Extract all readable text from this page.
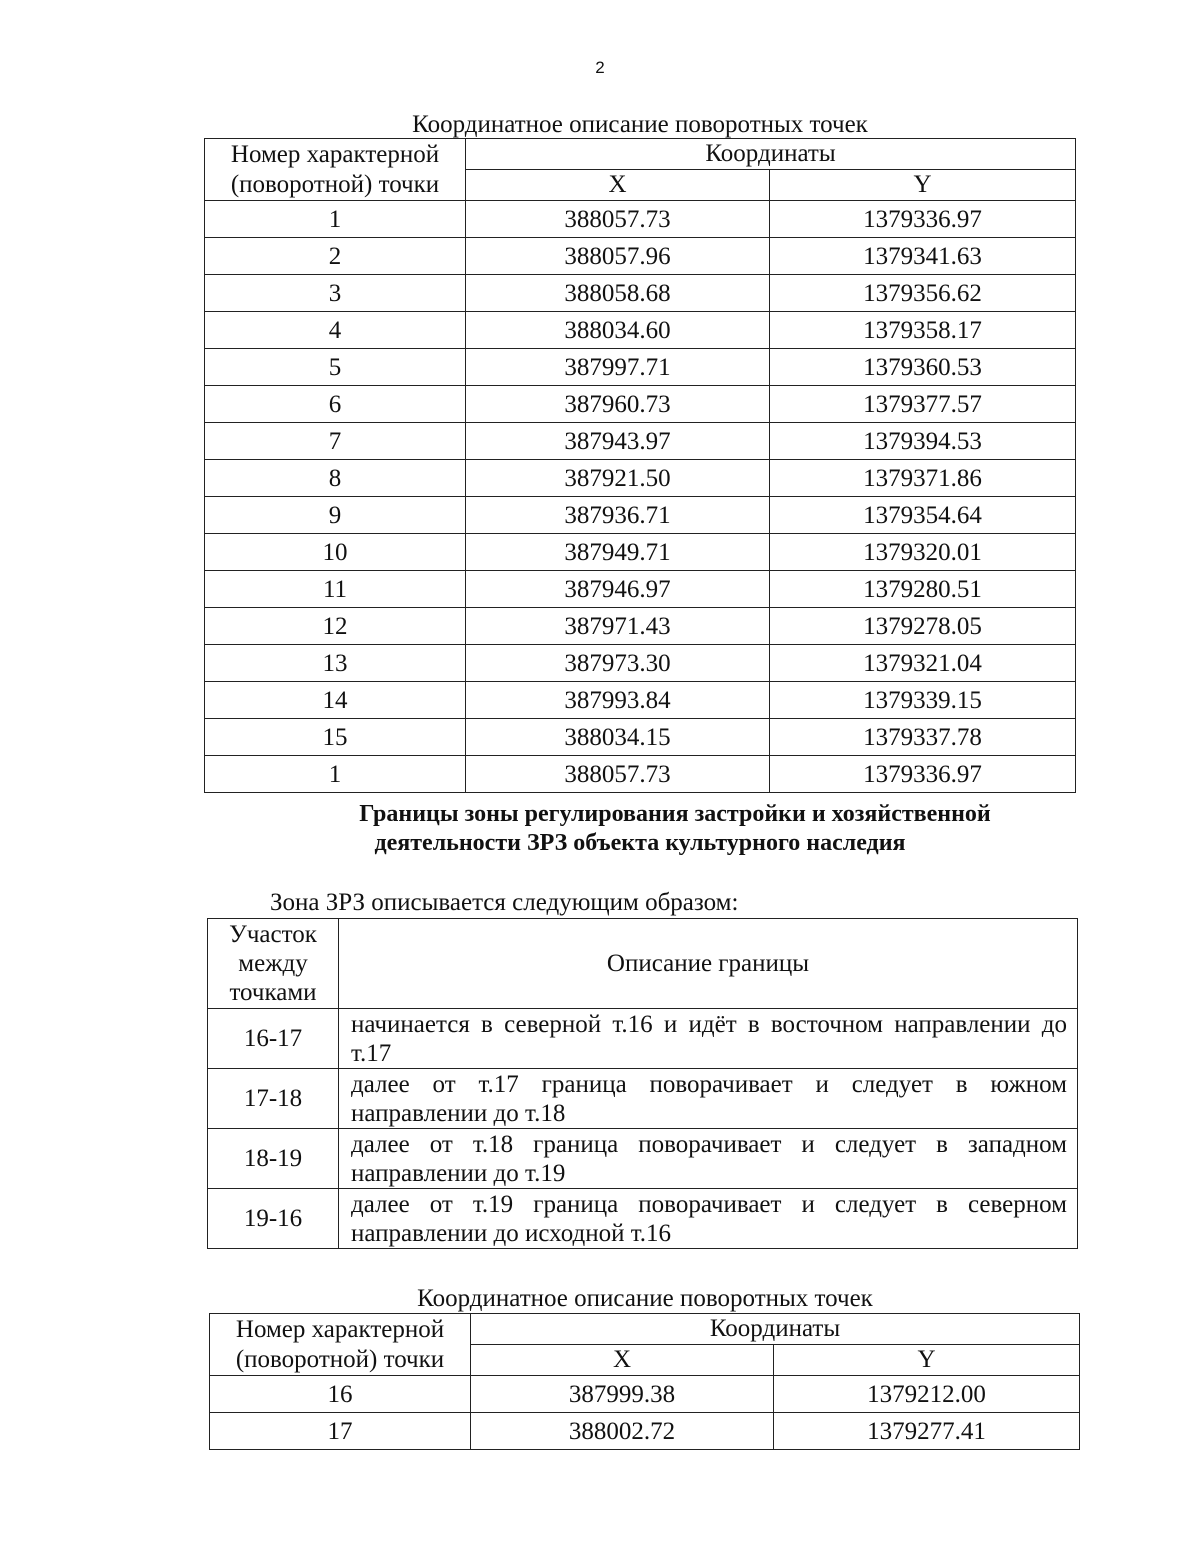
2
Координатное описание поворотных точек
Номер характерной
(поворотной) точки	Координаты	
	X	Y
1	388057.73	1379336.97
2	388057.96	1379341.63
3	388058.68	1379356.62
4	388034.60	1379358.17
5	387997.71	1379360.53
6	387960.73	1379377.57
7	387943.97	1379394.53
8	387921.50	1379371.86
9	387936.71	1379354.64
10	387949.71	1379320.01
11	387946.97	1379280.51
12	387971.43	1379278.05
13	387973.30	1379321.04
14	387993.84	1379339.15
15	388034.15	1379337.78
1	388057.73	1379336.97
Границы зоны регулирования застройки и хозяйственной
деятельности ЗРЗ объекта культурного наследия
Зона ЗРЗ описывается следующим образом:
Участок
между
точками	Описание границы
16-17	начинается в северной т.16 и идёт в восточном направлении до
т.17

17-18	далее от т.17 граница поворачивает и следует в южном
направлении до т.18

18-19	далее от т.18 граница поворачивает и следует в западном
направлении до т.19

19-16	далее от т.19 граница поворачивает и следует в северном
направлении до исходной т.16
Координатное описание поворотных точек
Номер характерной
(поворотной) точки	Координаты	
	X	Y
16	387999.38	1379212.00
17	388002.72	1379277.41
